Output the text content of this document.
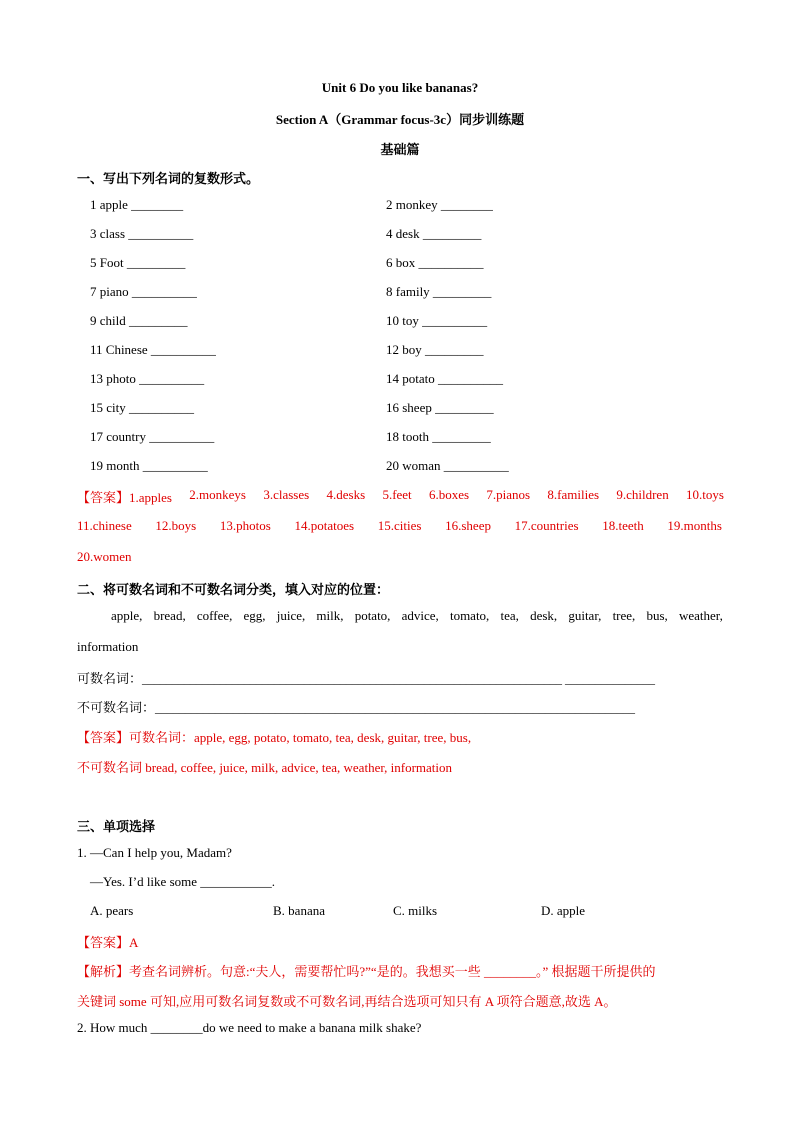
Unit 6 Do you like bananas?
Section A（Grammar focus-3c）同步训练题
基础篇
一、写出下列名词的复数形式。
1 apple ________	2 monkey ________
3 class __________	4 desk _________
5 Foot _________	6 box __________
7 piano __________	8 family _________
9 child _________	10 toy __________
11 Chinese __________	12 boy _________
13 photo __________	14 potato __________
15 city __________	16 sheep _________
17 country __________	18 tooth _________
19 month __________	20 woman __________
【答案】1.apples 2.monkeys 3.classes 4.desks 5.feet 6.boxes 7.pianos 8.families 9.children 10.toys
11.chinese 12.boys 13.photos 14.potatoes 15.cities 16.sheep 17.countries 18.teeth 19.months
20.women
二、将可数名词和不可数名词分类，填入对应的位置：
apple, bread, coffee, egg, juice, milk, potato, advice, tomato, tea, desk, guitar, tree, bus, weather,
information
可数名词：______________________________________________________________________ _______________
不可数名词：________________________________________________________________________________
【答案】可数名词：apple, egg, potato, tomato, tea, desk, guitar, tree, bus,
不可数名词 bread, coffee, juice, milk, advice, tea, weather, information
三、单项选择
1. —Can I help you, Madam?
—Yes. I’d like some ___________.
A. pears	B. banana	C. milks	D. apple
【答案】A
【解析】考查名词辨析。句意:“夫人，需要帮忙吗?”“是的。我想买一些 ________。” 根据题干所提供的
关键词 some 可知,应用可数名词复数或不可数名词,再结合选项可知只有 A 项符合题意,故选 A。
2. How much ________do we need to make a banana milk shake?
